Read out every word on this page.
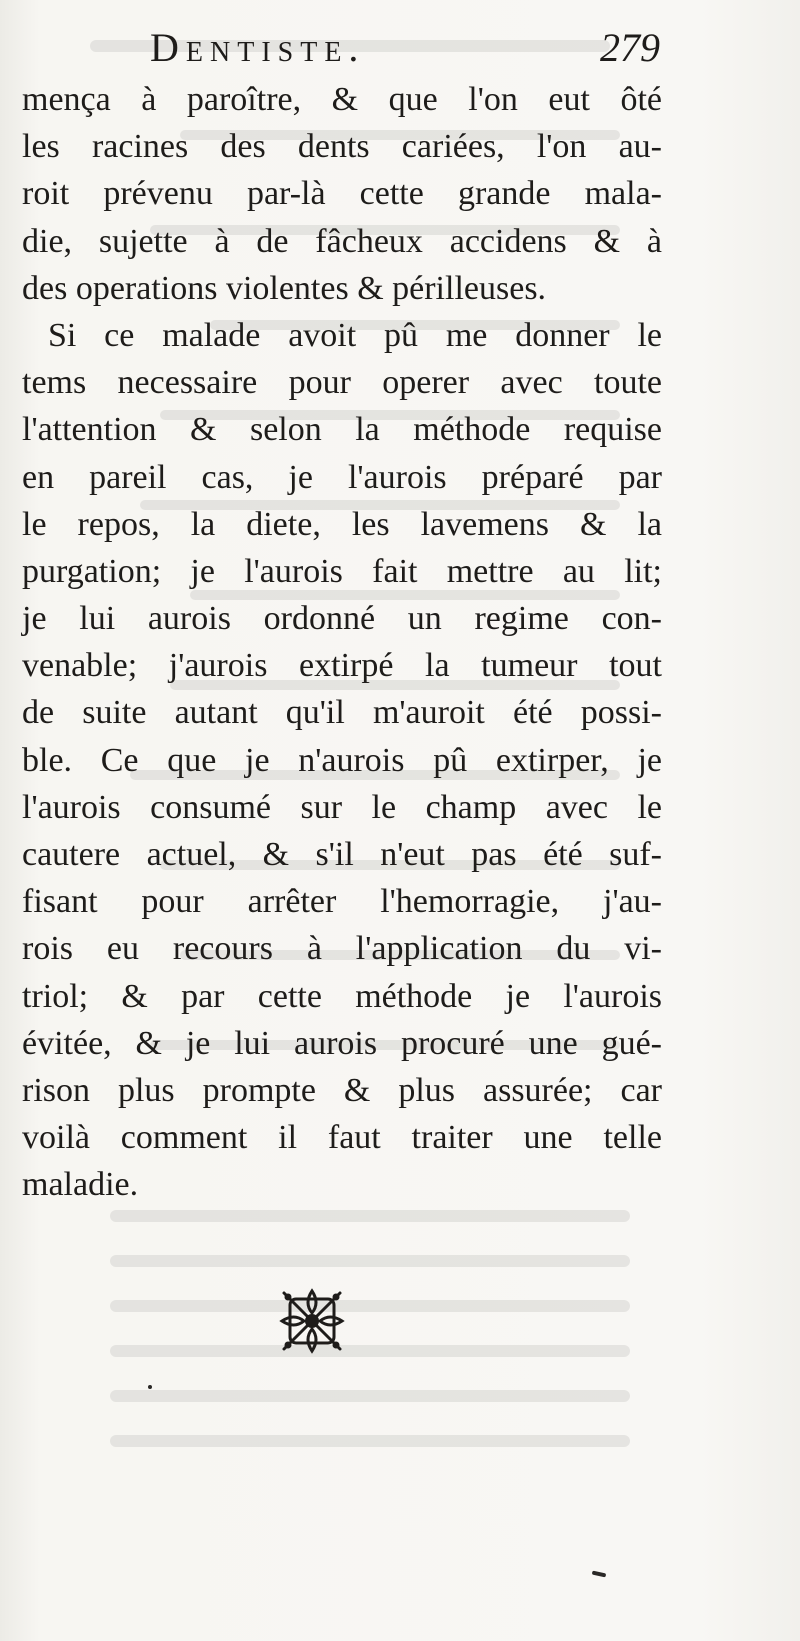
Dentiste.	279
mença à paroître, & que l'on eut ôté
les racines des dents cariées, l'on au-
roit prévenu par-là cette grande mala-
die, sujette à de fâcheux accidens & à
des operations violentes & périlleuses.
Si ce malade avoit pû me donner le
tems necessaire pour operer avec toute
l'attention & selon la méthode requise
en pareil cas, je l'aurois préparé par
le repos, la diete, les lavemens & la
purgation; je l'aurois fait mettre au lit;
je lui aurois ordonné un regime con-
venable; j'aurois extirpé la tumeur tout
de suite autant qu'il m'auroit été possi-
ble. Ce que je n'aurois pû extirper, je
l'aurois consumé sur le champ avec le
cautere actuel, & s'il n'eut pas été suf-
fisant pour arrêter l'hemorragie, j'au-
rois eu recours à l'application du vi-
triol; & par cette méthode je l'aurois
évitée, & je lui aurois procuré une gué-
rison plus prompte & plus assurée; car
voilà comment il faut traiter une telle
maladie.
